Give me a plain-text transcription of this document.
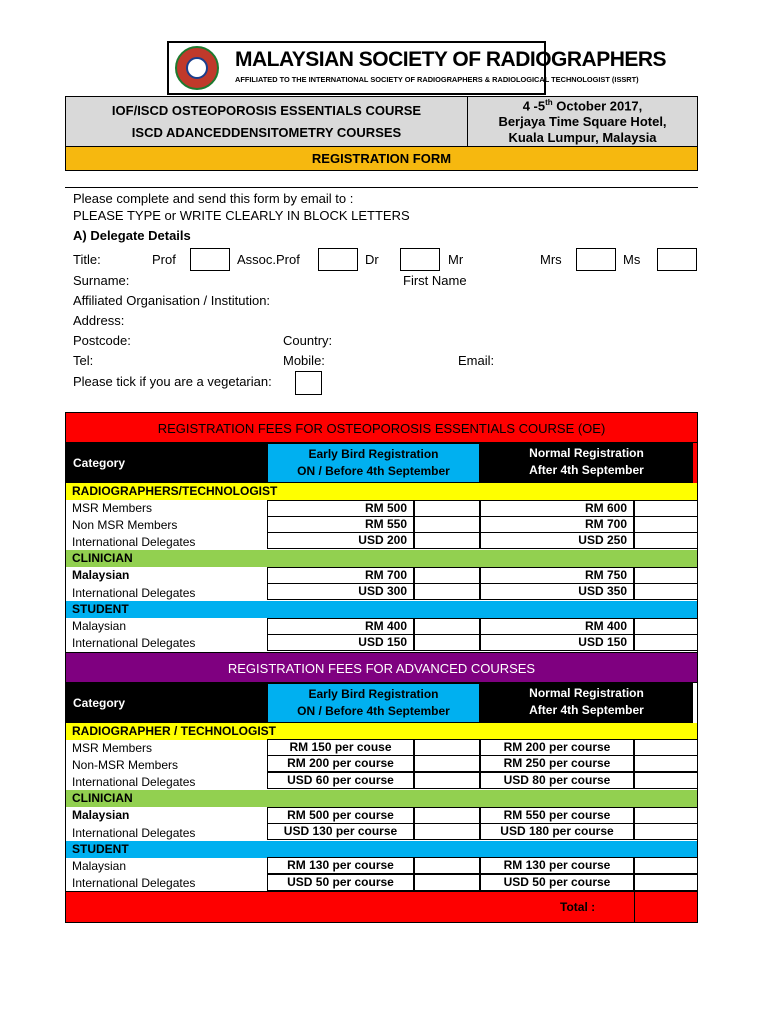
MALAYSIAN SOCIETY OF RADIOGRAPHERS
AFFILIATED TO THE INTERNATIONAL SOCIETY OF RADIOGRAPHERS & RADIOLOGICAL TECHNOLOGIST (ISSRT)
IOF/ISCD OSTEOPOROSIS ESSENTIALS COURSE
ISCD ADANCEDDENSITOMETRY COURSES
4 -5th October 2017,
Berjaya Time Square Hotel,
Kuala Lumpur, Malaysia
REGISTRATION FORM
Please complete and send this form by email to :
PLEASE TYPE or WRITE CLEARLY IN BLOCK LETTERS
A) Delegate Details
Title:	Prof	Assoc.Prof	Dr	Mr	Mrs	Ms
Surname:	First Name
Affiliated Organisation / Institution:
Address:
Postcode:	Country:
Tel:	Mobile:	Email:
Please tick if you are a vegetarian:
REGISTRATION FEES FOR OSTEOPOROSIS ESSENTIALS COURSE (OE)
Category
Early Bird Registration
ON / Before 4th September
Normal Registration
After 4th September
RADIOGRAPHERS/TECHNOLOGIST
MSR Members	RM 500	RM 600
Non MSR Members	RM 550	RM 700
International Delegates	USD 200	USD 250
CLINICIAN
Malaysian	RM 700	RM 750
International Delegates	USD 300	USD 350
STUDENT
Malaysian	RM 400	RM 400
International Delegates	USD 150	USD 150
REGISTRATION FEES FOR ADVANCED COURSES
Category
Early Bird Registration
ON / Before 4th September
Normal Registration
After 4th September
RADIOGRAPHER / TECHNOLOGIST
MSR Members	RM 150 per couse	RM 200 per course
Non-MSR Members	RM 200 per course	RM 250 per course
International Delegates	USD 60 per course	USD 80 per course
CLINICIAN
Malaysian	RM 500 per course	RM 550 per course
International Delegates	USD 130 per course	USD 180 per course
STUDENT
Malaysian	RM 130 per course	RM 130 per course
International Delegates	USD 50 per course	USD 50 per course
Total :
